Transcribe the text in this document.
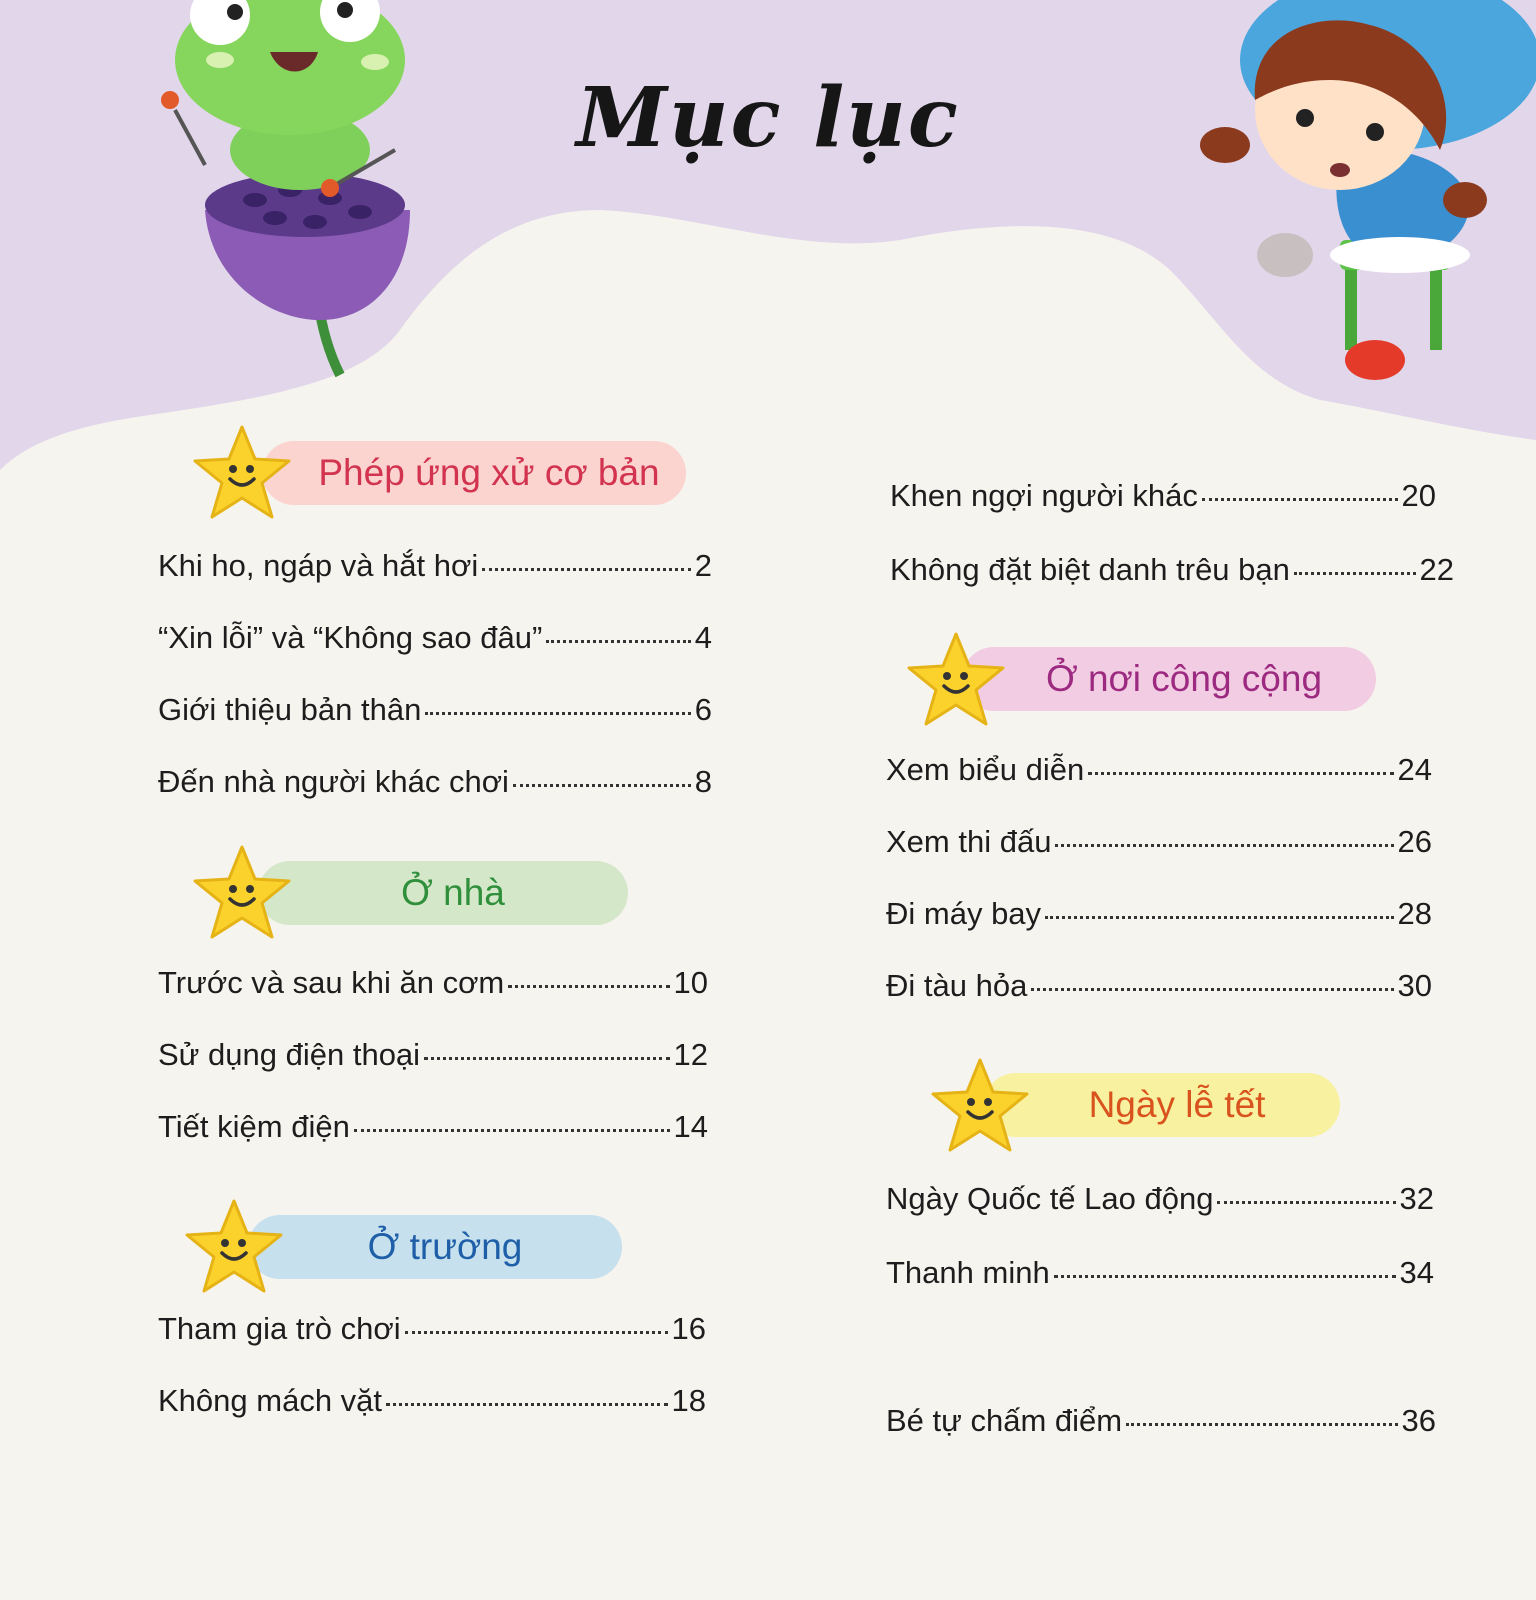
Mục lục
Phép ứng xử cơ bản
Khi ho, ngáp và hắt hơi	2
“Xin lỗi” và “Không sao đâu”	4
Giới thiệu bản thân	6
Đến nhà người khác chơi	8
Ở nhà
Trước và sau khi ăn cơm	10
Sử dụng điện thoại	12
Tiết kiệm điện	14
Ở trường
Tham gia trò chơi	16
Không mách vặt	18
Khen ngợi người khác	20
Không đặt biệt danh trêu bạn	22
Ở nơi công cộng
Xem biểu diễn	24
Xem thi đấu	26
Đi máy bay	28
Đi tàu hỏa	30
Ngày lễ tết
Ngày Quốc tế Lao động	32
Thanh minh	34
Bé tự chấm điểm	36
